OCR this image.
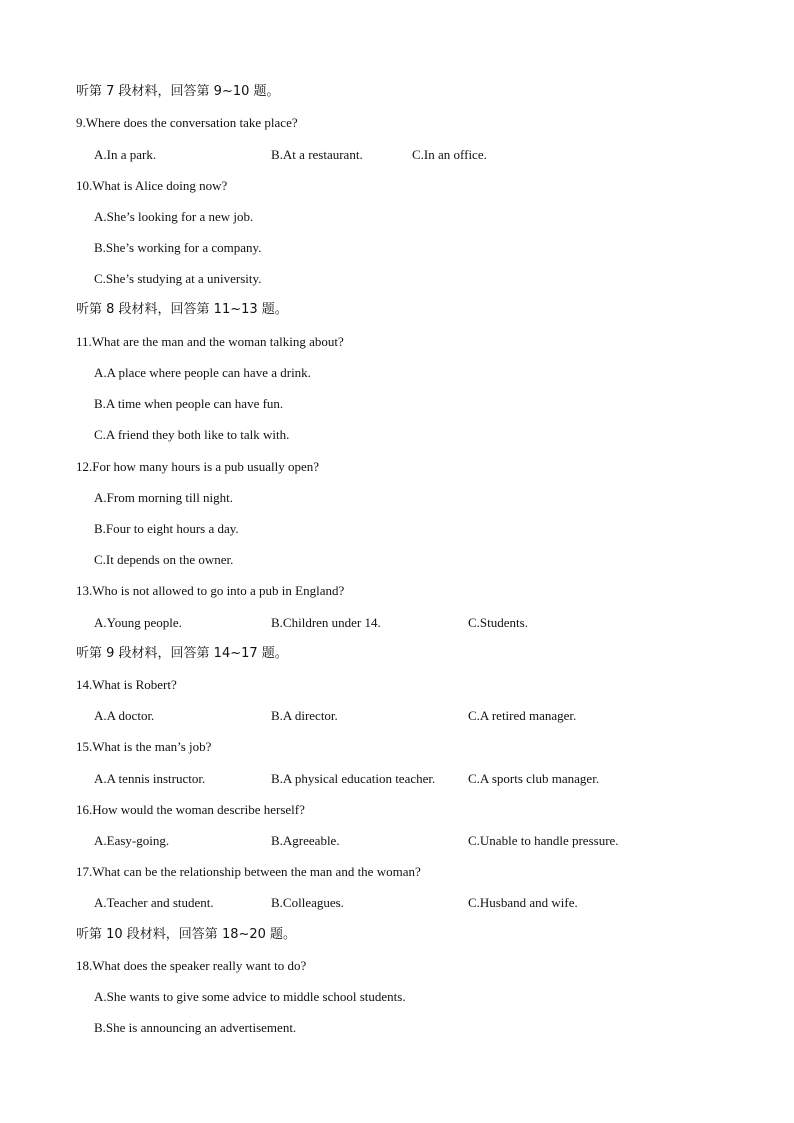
听第 7 段材料，回答第 9~10 题。
9.Where does the conversation take place?
A.In a park.	B.At a restaurant.	C.In an office.
10.What is Alice doing now?
A.She’s looking for a new job.
B.She’s working for a company.
C.She’s studying at a university.
听第 8 段材料，回答第 11~13 题。
11.What are the man and the woman talking about?
A.A place where people can have a drink.
B.A time when people can have fun.
C.A friend they both like to talk with.
12.For how many hours is a pub usually open?
A.From morning till night.
B.Four to eight hours a day.
C.It depends on the owner.
13.Who is not allowed to go into a pub in England?
A.Young people.	B.Children under 14.	C.Students.
听第 9 段材料，回答第 14~17 题。
14.What is Robert?
A.A doctor.	B.A director.	C.A retired manager.
15.What is the man’s job?
A.A tennis instructor.	B.A physical education teacher.	C.A sports club manager.
16.How would the woman describe herself?
A.Easy-going.	B.Agreeable.	C.Unable to handle pressure.
17.What can be the relationship between the man and the woman?
A.Teacher and student.	B.Colleagues.	C.Husband and wife.
听第 10 段材料，回答第 18~20 题。
18.What does the speaker really want to do?
A.She wants to give some advice to middle school students.
B.She is announcing an advertisement.
